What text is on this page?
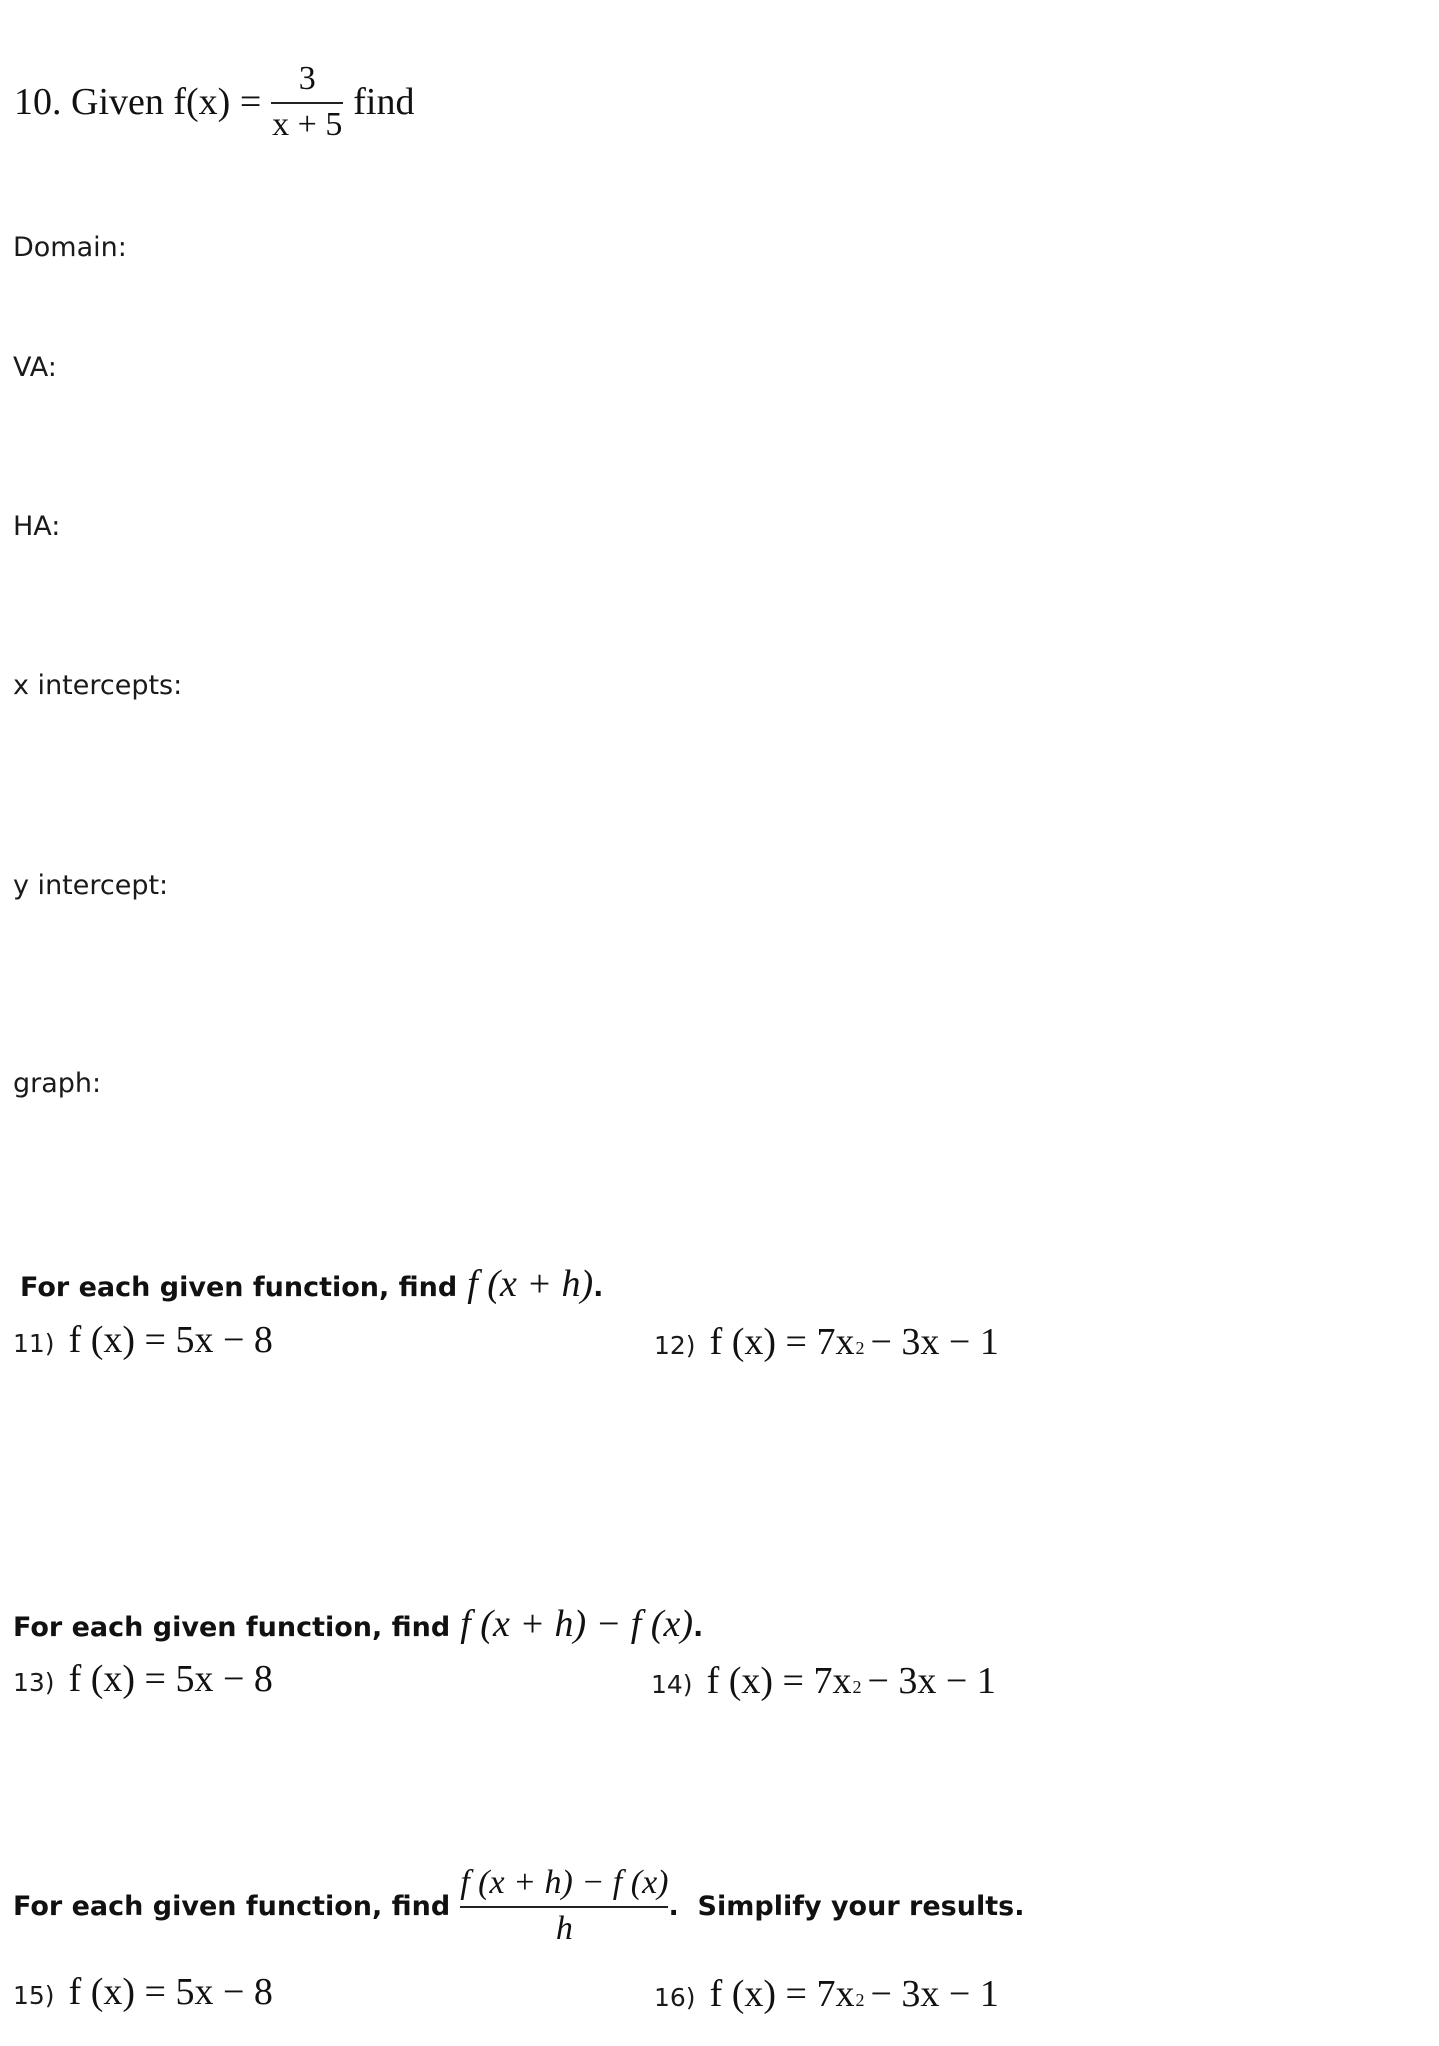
10. Given $f(x) = \frac{3}{x + 5}$ find
Domain:
VA:
HA:
x intercepts:
y intercept:
graph:
For each given function, find f (x + h) .
11) f (x) = 5x − 8	12) f (x) = 7x 2 − 3x − 1
For each given function, find f (x + h) − f (x) .
13) f (x) = 5x − 8	14) f (x) = 7x 2 − 3x − 1
For each given function, find $\frac{f (x + h) - f (x)}{h}$ .  Simplify your results.
15) f (x) = 5x − 8	16) f (x) = 7x 2 − 3x − 1
